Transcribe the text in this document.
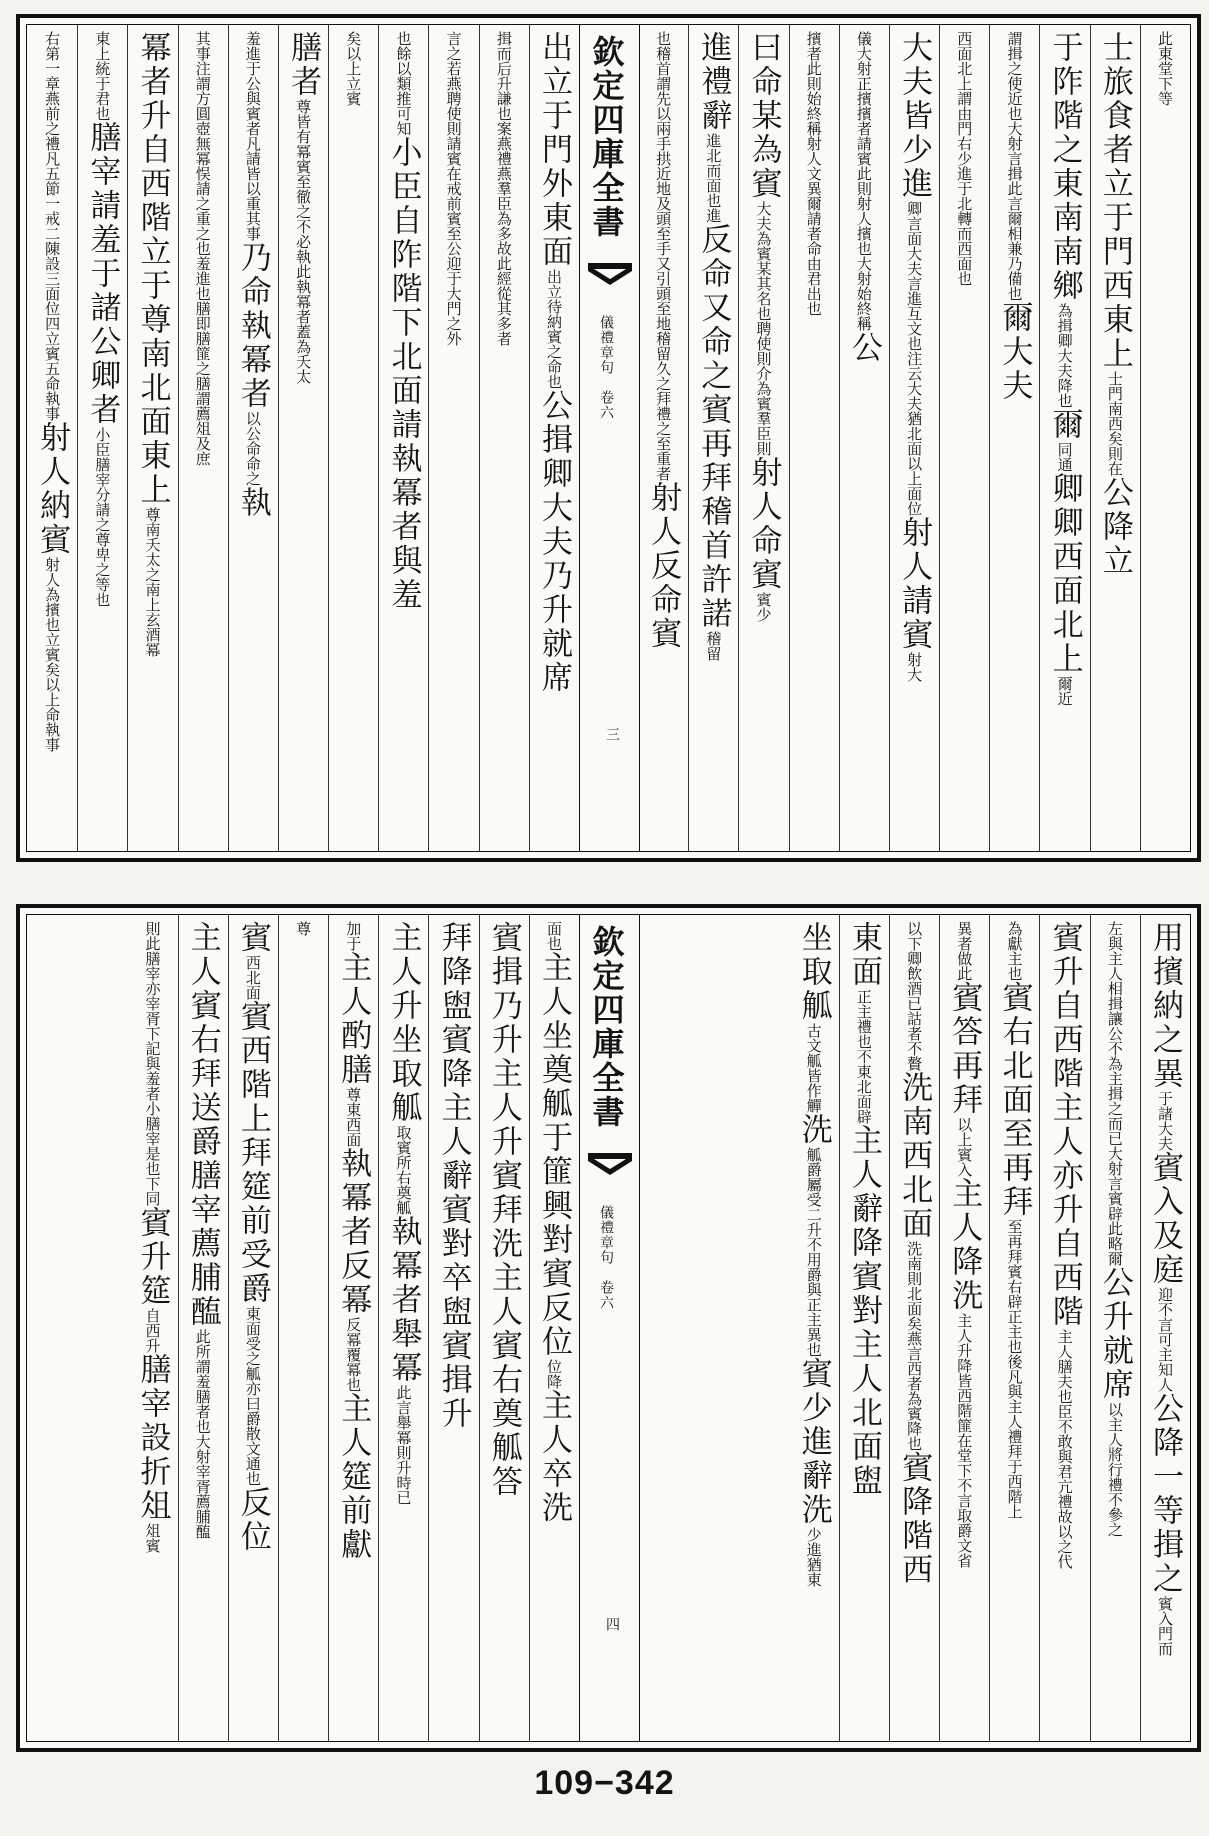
此東堂下等
士旅食者立于門西東上士門南西矣則在公降立
于阼階之東南南鄉為揖卿大夫降也爾同通卿卿西面北上爾近
謂揖之使近也大射言揖此言爾相兼乃備也爾大夫
西面北上謂由門右少進于北轉而西面也
大夫皆少進卿言面大夫言進互文也注云大夫猶北面以上面位射人請賓射大
儀大射正擯擯者請賓此則射人擯也大射始終稱公
擯者此則始終稱射人文異爾請者命由君出也
曰命某為賓大夫為賓某其名也聘使則介為賓羣臣則射人命賓賓少
進禮辭進北而面也進反命又命之賓再拜稽首許諾稽留
也稽首謂先以兩手拱近地及頭至手又引頭至地稽留久之拜禮之至重者射人反命賓
欽定四庫全書
儀禮章句　卷六
三
出立于門外東面出立待納賓之命也公揖卿大夫乃升就席
揖而后升謙也案燕禮燕羣臣為多故此經從其多者
言之若燕聘使則請賓在戒前賓至公迎于大門之外
也餘以類推可知小臣自阼階下北面請執冪者與羞
矣以上立賓
膳者尊皆有冪賓至徹之不必執此執冪者蓋為夭太
羞進于公與賓者凡請皆以重其事乃命執冪者以公命命之執
其事注謂方圓壺無冪悮請之重之也羞進也膳即膳篚之膳謂薦俎及庶
冪者升自西階立于尊南北面東上尊南夭太之南上玄酒冪
東上統于君也膳宰請羞于諸公卿者小臣膳宰分請之尊卑之等也
右第一章燕前之禮凡五節一戒二陳設三面位四立賓五命執事射人納賓射人為擯也立賓矣以上命執事
用擯納之異于諸大夫賓入及庭迎不言可主知人公降一等揖之賓入門而
左與主人相揖讓公不為主揖之而已大射言賓辟此略爾公升就席以主人將行禮不參之
賓升自西階主人亦升自西階主人膳夫也臣不敢與君亢禮故以之代
為獻主也賓右北面至再拜至再拜賓右辟正主也後凡與主人禮拜于西階上
異者做此賓答再拜以上賓入主人降洗主人升降皆西階篚在堂下不言取爵文省
以下卿飲酒已詁者不贅洗南西北面洗南則北面矣燕言西者為賓降也賓降階西
東面正主禮也不東北面辟主人辭降賓對主人北面盥
坐取觚古文觚皆作觶洗觚爵屬受二升不用爵與正主異也賓少進辭洗少進猶東
欽定四庫全書
儀禮章句　卷六
四
面也主人坐奠觚于篚興對賓反位位降主人卒洗
賓揖乃升主人升賓拜洗主人賓右奠觚答
拜降盥賓降主人辭賓對卒盥賓揖升
主人升坐取觚取賓所右奠觚執冪者舉冪此言舉冪則升時已
加于主人酌膳尊東西面執冪者反冪反冪覆冪也主人筵前獻
尊
賓西北面賓西階上拜筵前受爵東面受之觚亦曰爵散文通也反位
主人賓右拜送爵膳宰薦脯醢此所謂羞膳者也大射宰胥薦脯醢
則此膳宰亦宰胥下記與羞者小膳宰是也下同賓升筵自西升膳宰設折俎俎賓
109−342
